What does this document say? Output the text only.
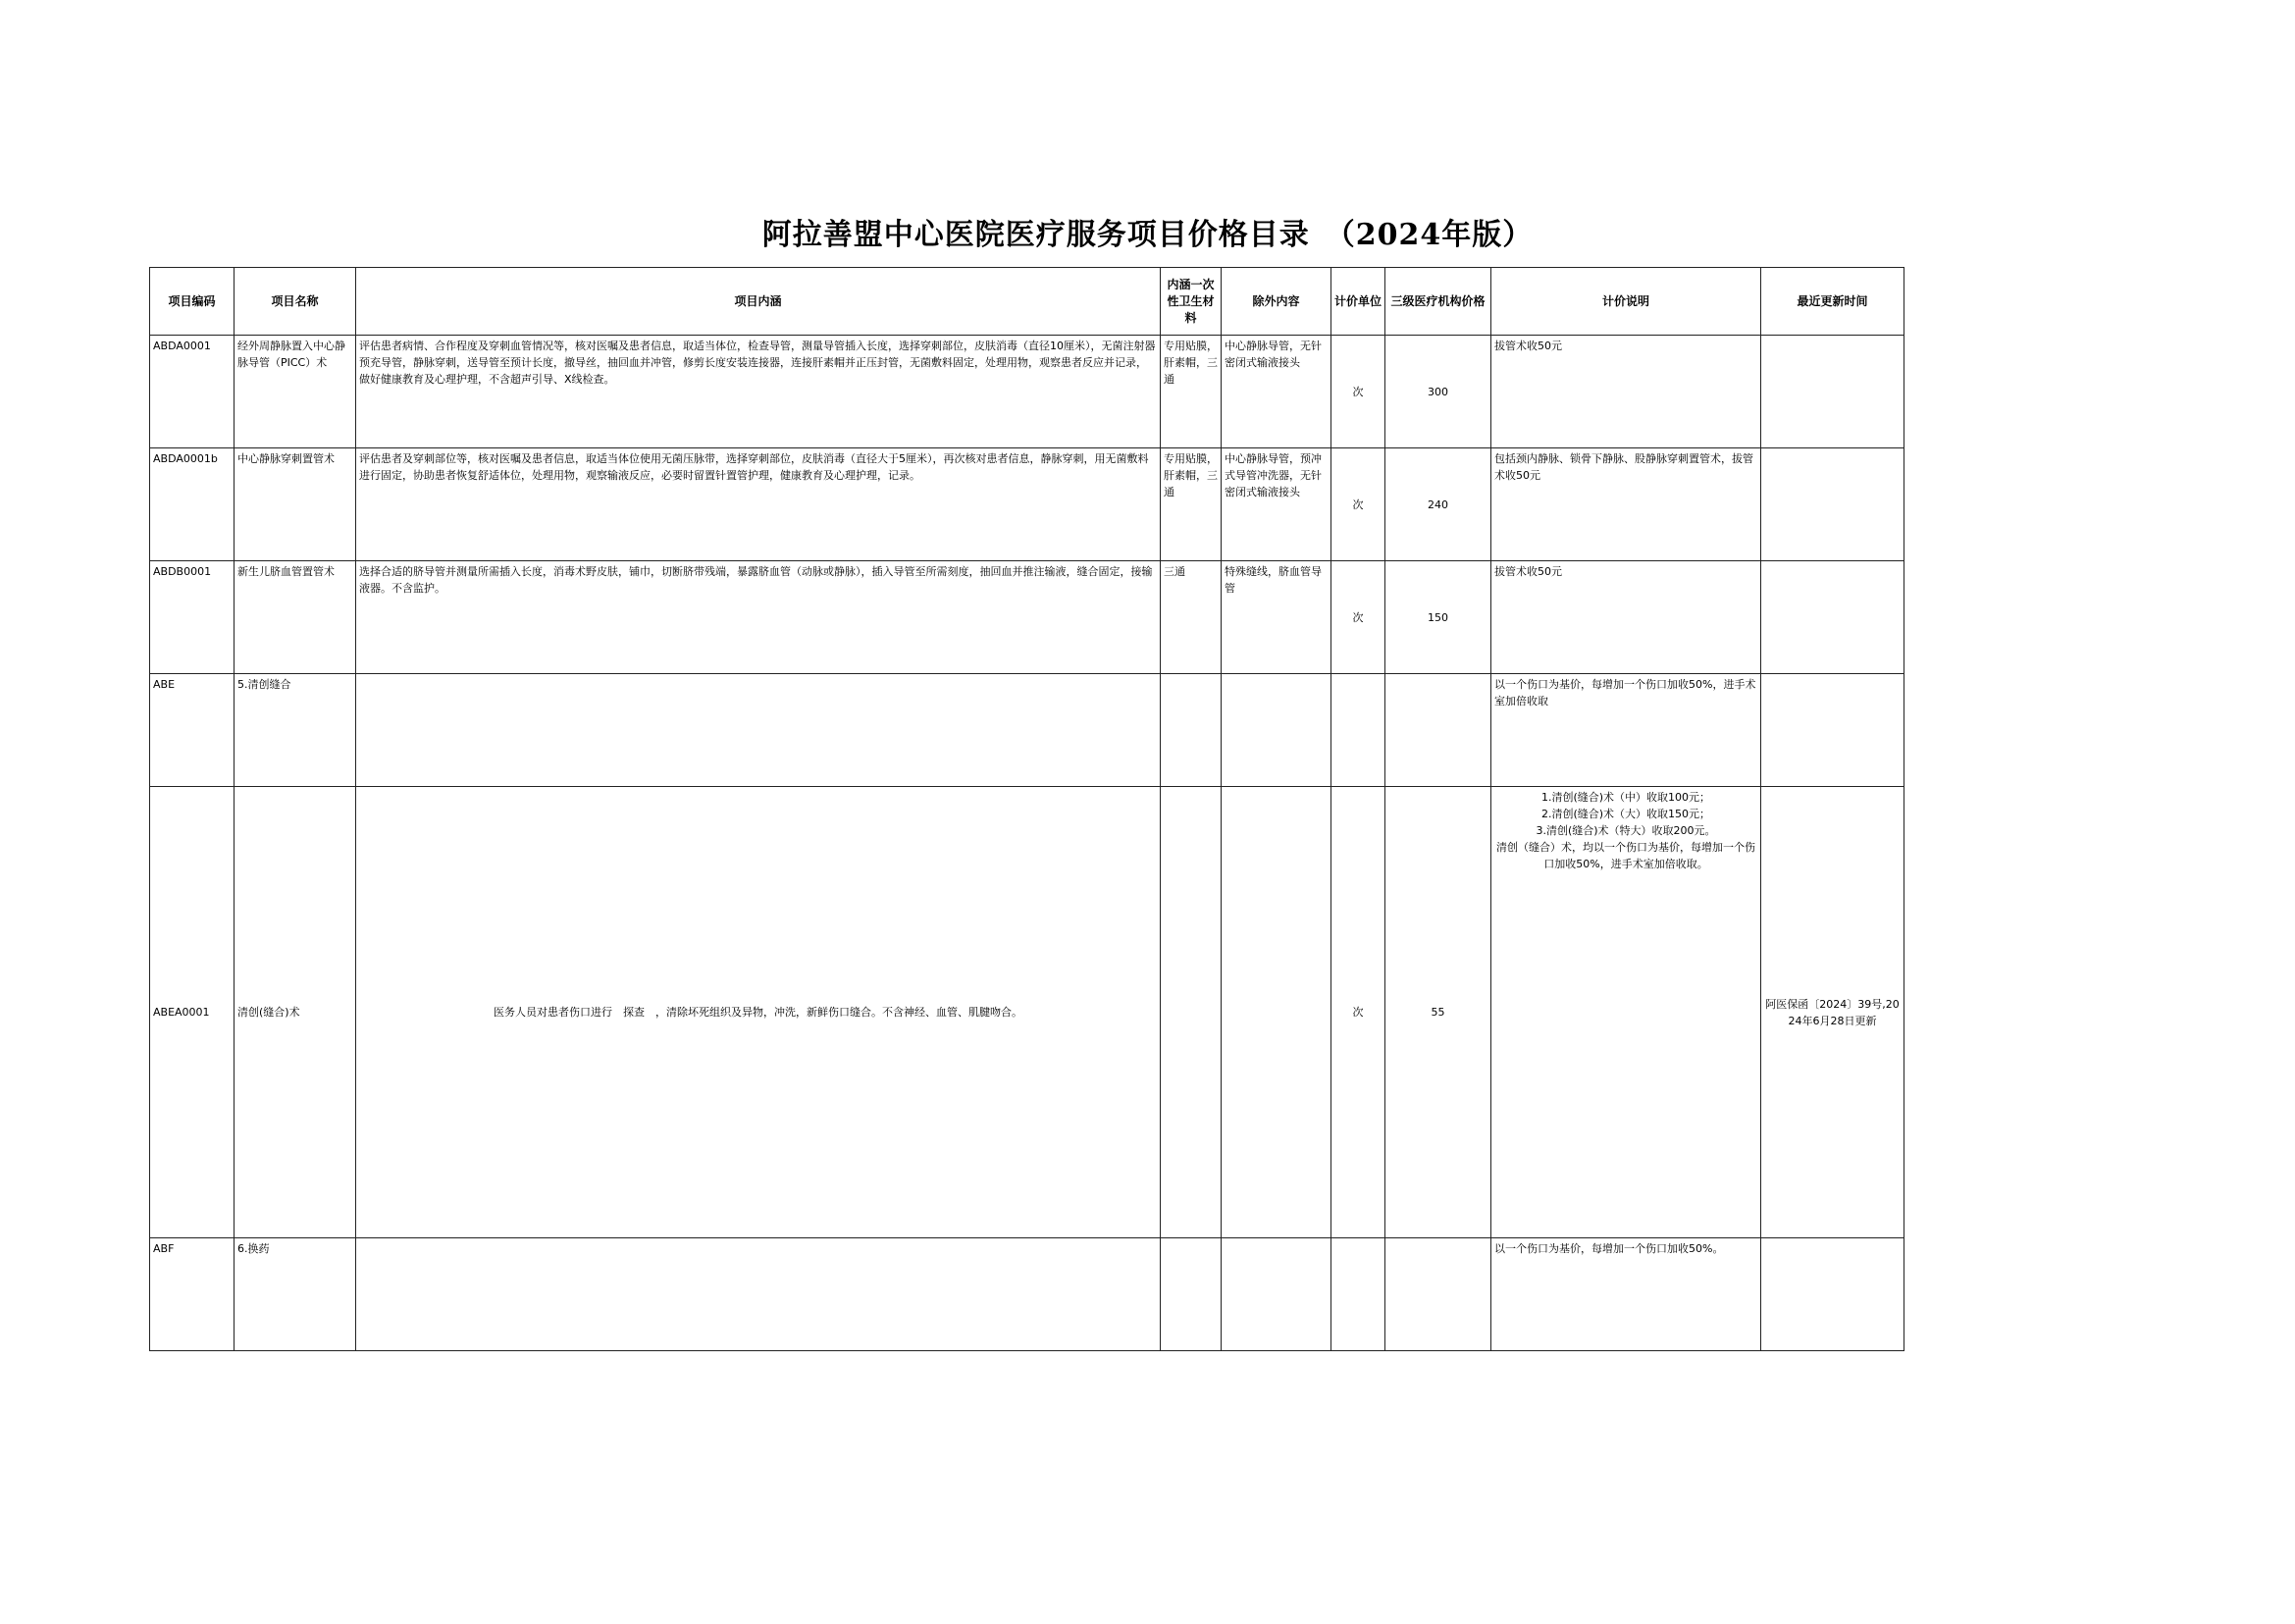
阿拉善盟中心医院医疗服务项目价格目录　（2024年版）
项目编码	项目名称	项目内涵	内涵一次性卫生材料	除外内容	计价单位	三级医疗机构价格	计价说明	最近更新时间
ABDA0001	经外周静脉置入中心静脉导管（PICC）术	评估患者病情、合作程度及穿刺血管情况等，核对医嘱及患者信息，取适当体位，检查导管，测量导管插入长度，选择穿刺部位，皮肤消毒（直径10厘米），无菌注射器预充导管，静脉穿刺，送导管至预计长度，撤导丝，抽回血并冲管，修剪长度安装连接器，连接肝素帽并正压封管，无菌敷料固定，处理用物，观察患者反应并记录，做好健康教育及心理护理，不含超声引导、X线检查。	专用贴膜，肝素帽，三通	中心静脉导管，无针密闭式输液接头	次	300	拔管术收50元	
ABDA0001b	中心静脉穿刺置管术	评估患者及穿刺部位等，核对医嘱及患者信息，取适当体位使用无菌压脉带，选择穿刺部位，皮肤消毒（直径大于5厘米），再次核对患者信息，静脉穿刺，用无菌敷料进行固定，协助患者恢复舒适体位，处理用物，观察输液反应，必要时留置针置管护理，健康教育及心理护理，记录。	专用贴膜，肝素帽，三通	中心静脉导管，预冲式导管冲洗器，无针密闭式输液接头	次	240	包括颈内静脉、锁骨下静脉、股静脉穿刺置管术，拔管术收50元	
ABDB0001	新生儿脐血管置管术	选择合适的脐导管并测量所需插入长度，消毒术野皮肤，铺巾，切断脐带残端，暴露脐血管（动脉或静脉），插入导管至所需刻度，抽回血并推注输液，缝合固定，接输液器。不含监护。	三通	特殊缝线，脐血管导管	次	150	拔管术收50元	
ABE	5.清创缝合						以一个伤口为基价，每增加一个伤口加收50%，进手术室加倍收取	
ABEA0001	清创(缝合)术	医务人员对患者伤口进行　探查　，清除坏死组织及异物，冲洗，新鲜伤口缝合。不含神经、血管、肌腱吻合。			次	55	1.清创(缝合)术（中）收取100元；
2.清创(缝合)术（大）收取150元；
3.清创(缝合)术（特大）收取200元。
清创（缝合）术，均以一个伤口为基价，每增加一个伤口加收50%，进手术室加倍收取。	阿医保函〔2024〕39号,2024年6月28日更新
ABF	6.换药						以一个伤口为基价，每增加一个伤口加收50%。	
